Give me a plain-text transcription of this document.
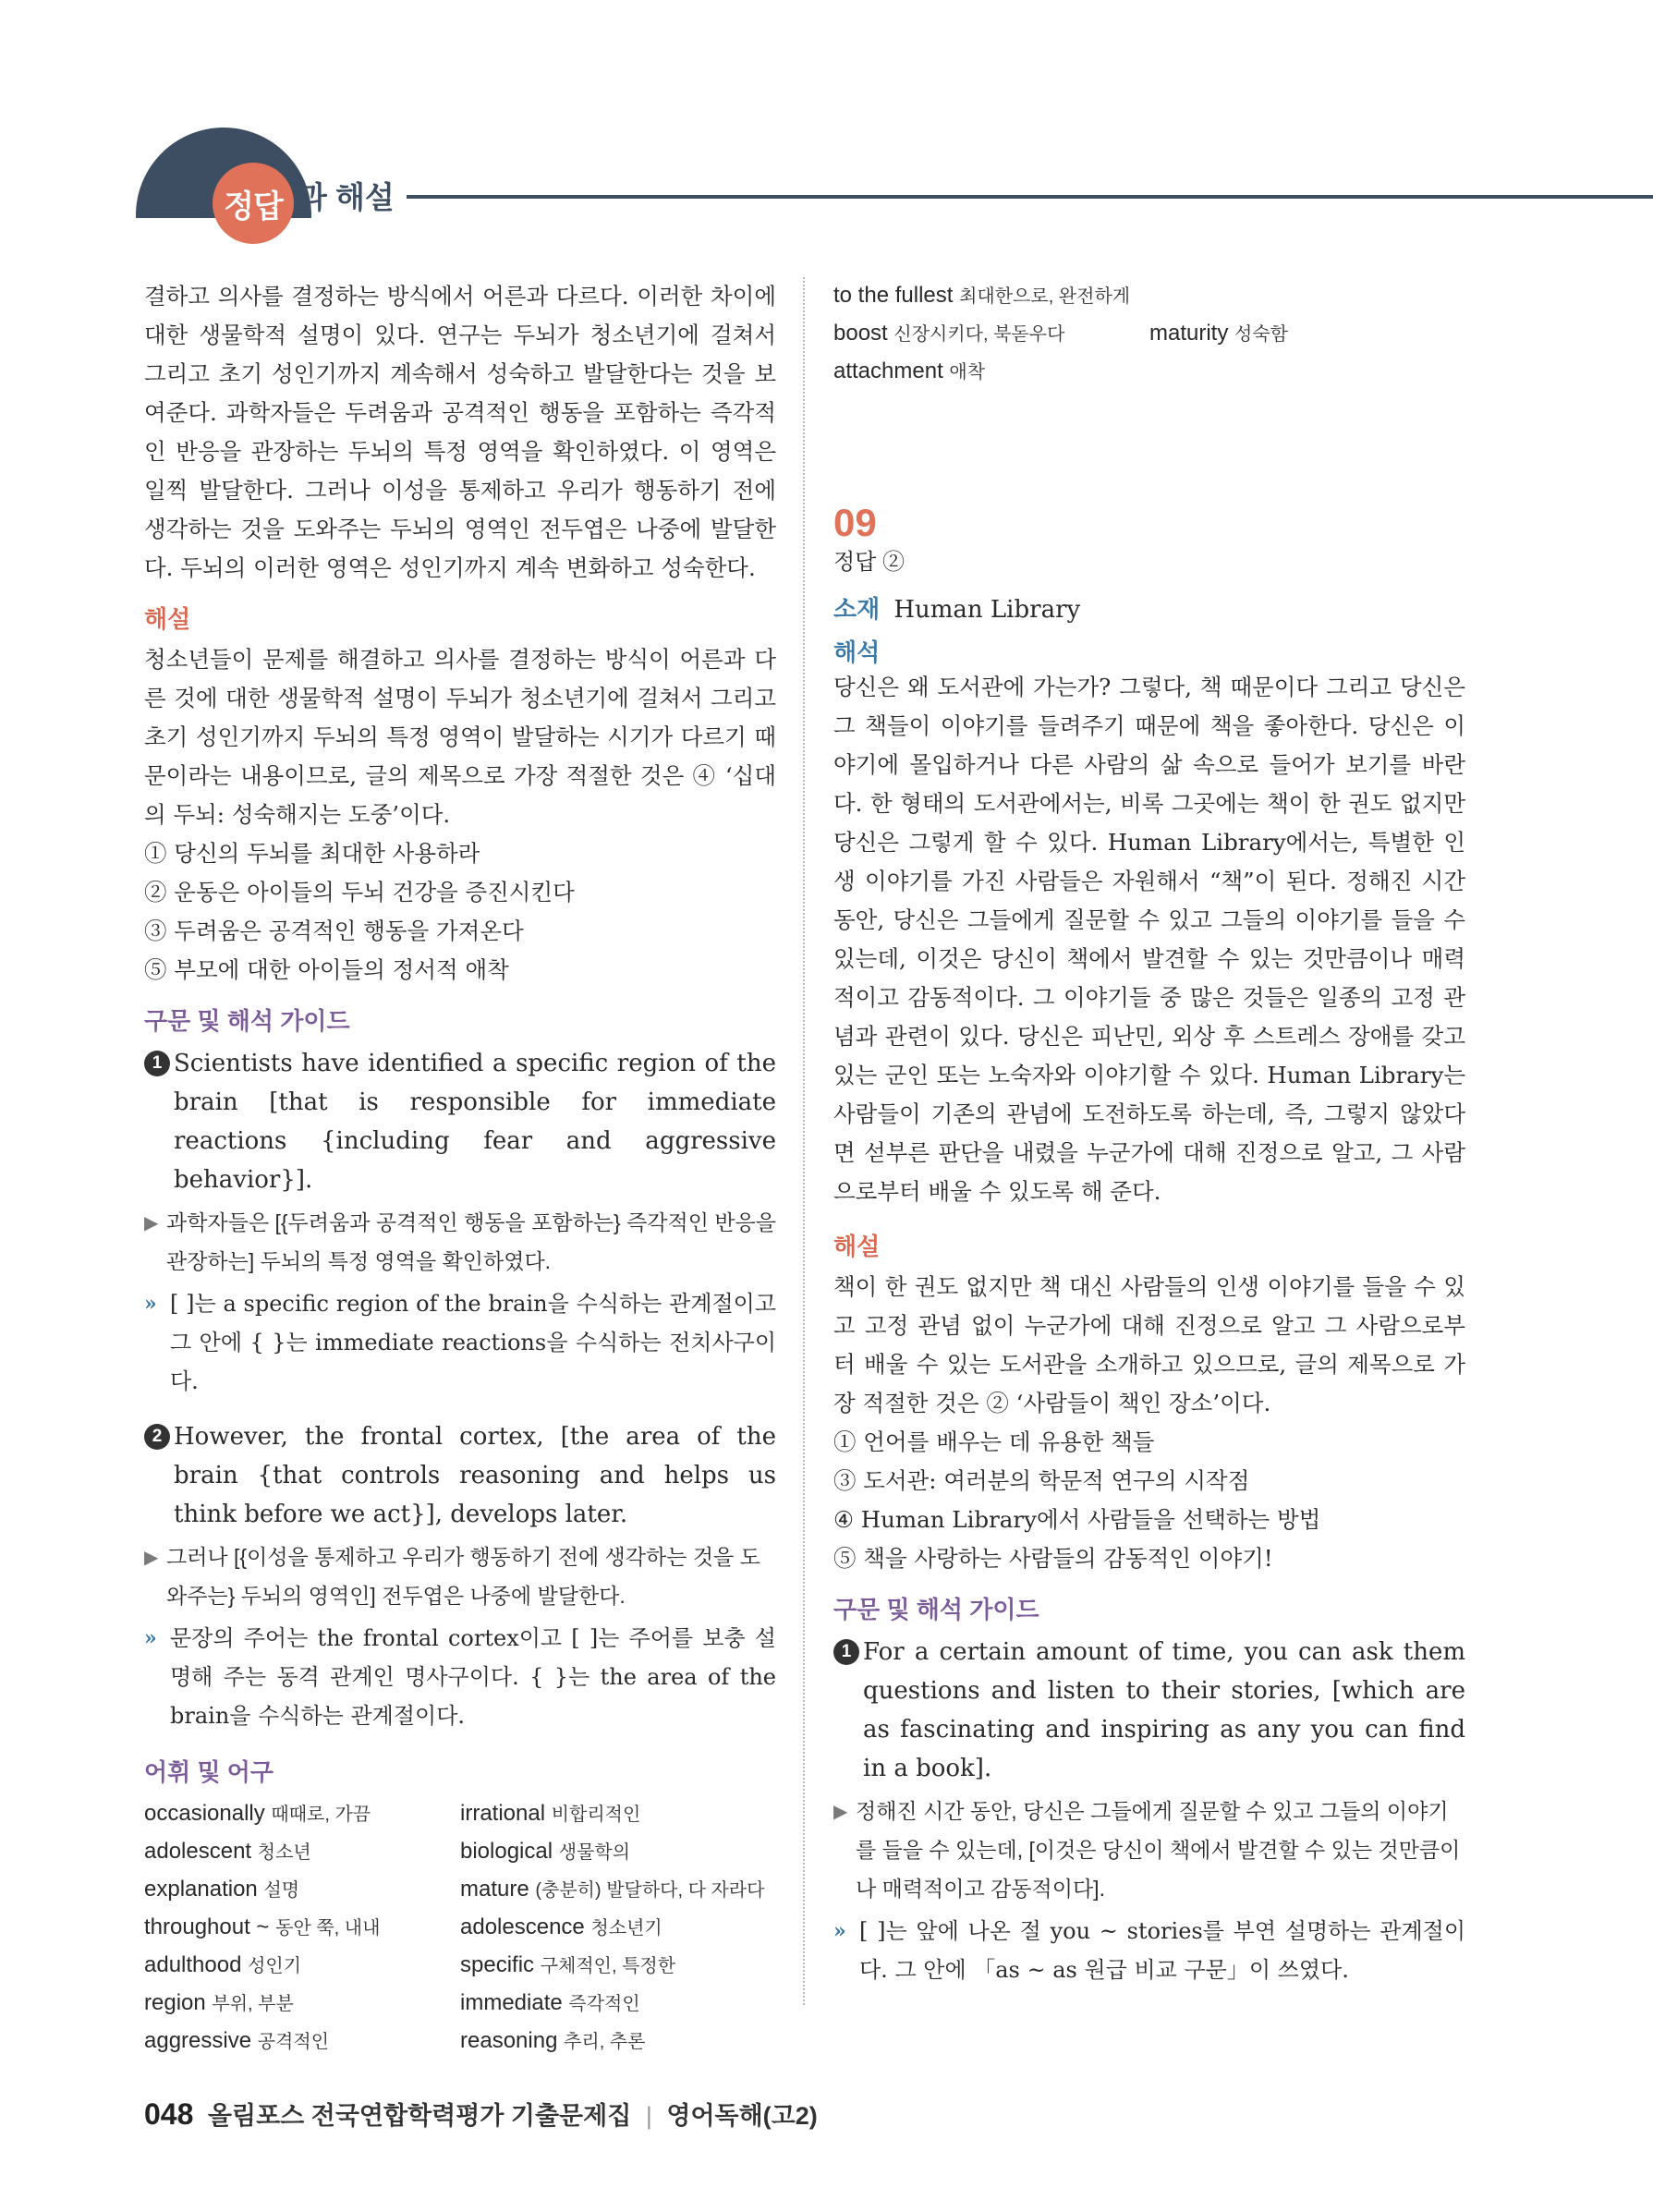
정답 과 해설

결하고 의사를 결정하는 방식에서 어른과 다르다. 이러한 차이에 대한 생물학적 설명이 있다. 연구는 두뇌가 청소년기에 걸쳐서 그리고 초기 성인기까지 계속해서 성숙하고 발달한다는 것을 보여준다. 과학자들은 두려움과 공격적인 행동을 포함하는 즉각적인 반응을 관장하는 두뇌의 특정 영역을 확인하였다. 이 영역은 일찍 발달한다. 그러나 이성을 통제하고 우리가 행동하기 전에 생각하는 것을 도와주는 두뇌의 영역인 전두엽은 나중에 발달한다. 두뇌의 이러한 영역은 성인기까지 계속 변화하고 성숙한다.

해설

청소년들이 문제를 해결하고 의사를 결정하는 방식이 어른과 다른 것에 대한 생물학적 설명이 두뇌가 청소년기에 걸쳐서 그리고 초기 성인기까지 두뇌의 특정 영역이 발달하는 시기가 다르기 때문이라는 내용이므로, 글의 제목으로 가장 적절한 것은 ④ ‘십대의 두뇌: 성숙해지는 도중’이다.

① 당신의 두뇌를 최대한 사용하라

② 운동은 아이들의 두뇌 건강을 증진시킨다

③ 두려움은 공격적인 행동을 가져온다

⑤ 부모에 대한 아이들의 정서적 애착

구문 및 해석 가이드
1 Scientists have identified a specific region of the brain [that is responsible for immediate reactions {including fear and aggressive behavior}].

▶ 과학자들은 [{두려움과 공격적인 행동을 포함하는} 즉각적인 반응을 관장하는] 두뇌의 특정 영역을 확인하였다.
» [ ]는 a specific region of the brain을 수식하는 관계절이고 그 안에 { }는 immediate reactions을 수식하는 전치사구이다.
2 However, the frontal cortex, [the area of the brain {that controls reasoning and helps us think before we act}], develops later.

▶ 그러나 [{이성을 통제하고 우리가 행동하기 전에 생각하는 것을 도와주는} 두뇌의 영역인] 전두엽은 나중에 발달한다.
» 문장의 주어는 the frontal cortex이고 [ ]는 주어를 보충 설명해 주는 동격 관계인 명사구이다. { }는 the area of the brain을 수식하는 관계절이다.
어휘 및 어구
occasionally 때때로, 가끔	irrational 비합리적인
adolescent 청소년	biological 생물학의
explanation 설명	mature (충분히) 발달하다, 다 자라다
throughout ~ 동안 쭉, 내내	adolescence 청소년기
adulthood 성인기	specific 구체적인, 특정한
region 부위, 부분	immediate 즉각적인
aggressive 공격적인	reasoning 추리, 추론
to the fullest 최대한으로, 완전하게
boost 신장시키다, 북돋우다	maturity 성숙함
attachment 애착
09
정답 ②
소재 Human Library
해석

당신은 왜 도서관에 가는가? 그렇다, 책 때문이다 그리고 당신은 그 책들이 이야기를 들려주기 때문에 책을 좋아한다. 당신은 이야기에 몰입하거나 다른 사람의 삶 속으로 들어가 보기를 바란다. 한 형태의 도서관에서는, 비록 그곳에는 책이 한 권도 없지만 당신은 그렇게 할 수 있다. Human Library에서는, 특별한 인생 이야기를 가진 사람들은 자원해서 “책”이 된다. 정해진 시간 동안, 당신은 그들에게 질문할 수 있고 그들의 이야기를 들을 수 있는데, 이것은 당신이 책에서 발견할 수 있는 것만큼이나 매력적이고 감동적이다. 그 이야기들 중 많은 것들은 일종의 고정 관념과 관련이 있다. 당신은 피난민, 외상 후 스트레스 장애를 갖고 있는 군인 또는 노숙자와 이야기할 수 있다. Human Library는 사람들이 기존의 관념에 도전하도록 하는데, 즉, 그렇지 않았다면 섣부른 판단을 내렸을 누군가에 대해 진정으로 알고, 그 사람으로부터 배울 수 있도록 해 준다.

해설

책이 한 권도 없지만 책 대신 사람들의 인생 이야기를 들을 수 있고 고정 관념 없이 누군가에 대해 진정으로 알고 그 사람으로부터 배울 수 있는 도서관을 소개하고 있으므로, 글의 제목으로 가장 적절한 것은 ② ‘사람들이 책인 장소’이다.

① 언어를 배우는 데 유용한 책들

③ 도서관: 여러분의 학문적 연구의 시작점

④ Human Library에서 사람들을 선택하는 방법

⑤ 책을 사랑하는 사람들의 감동적인 이야기!

구문 및 해석 가이드
1 For a certain amount of time, you can ask them questions and listen to their stories, [which are as fascinating and inspiring as any you can find in a book].

▶ 정해진 시간 동안, 당신은 그들에게 질문할 수 있고 그들의 이야기를 들을 수 있는데, [이것은 당신이 책에서 발견할 수 있는 것만큼이나 매력적이고 감동적이다].
» [ ]는 앞에 나온 절 you ~ stories를 부연 설명하는 관계절이다. 그 안에 「as ~ as 원급 비교 구문」이 쓰였다.
048 올림포스 전국연합학력평가 기출문제집 | 영어독해(고2)
